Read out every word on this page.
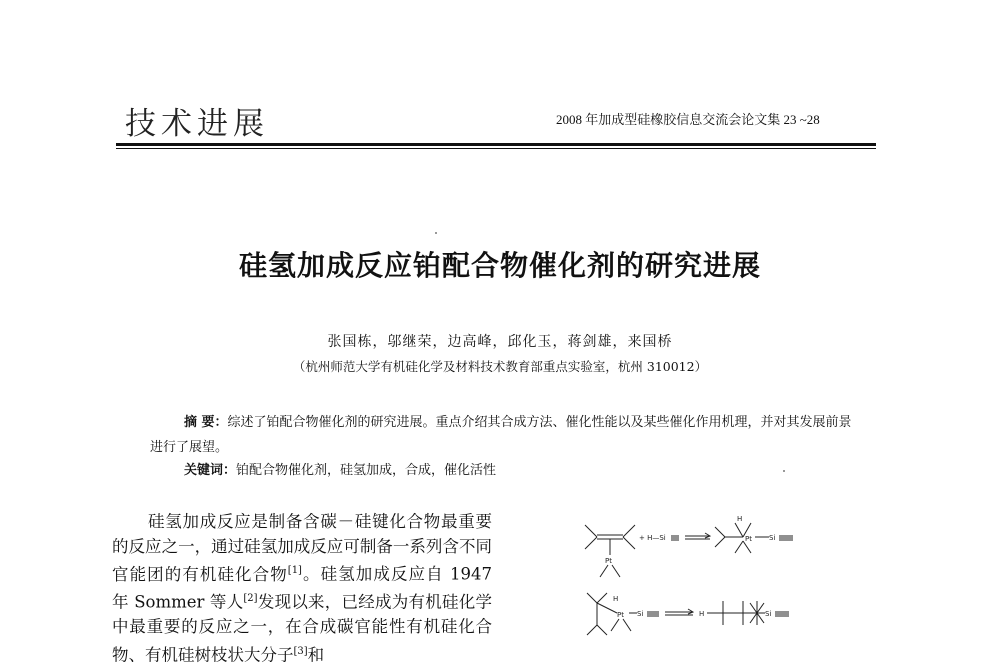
技术进展	2008 年加成型硅橡胶信息交流会论文集 23 ~28
硅氢加成反应铂配合物催化剂的研究进展
张国栋，邬继荣，边高峰，邱化玉，蒋剑雄，来国桥
（杭州师范大学有机硅化学及材料技术教育部重点实验室，杭州 310012）
摘 要：综述了铂配合物催化剂的研究进展。重点介绍其合成方法、催化性能以及某些催化作用机理，并对其发展前景进行了展望。
关键词：铂配合物催化剂，硅氢加成，合成，催化活性
硅氢加成反应是制备含碳－硅键化合物最重要的反应之一，通过硅氢加成反应可制备一系列含不同官能团的有机硅化合物[1]。硅氢加成反应自 1947 年 Sommer 等人[2]发现以来，已经成为有机硅化学中最重要的反应之一，在合成碳官能性有机硅化合物、有机硅树枝状大分子[3]和
Pt
+ H—Si
H
Pt Si
H
Pt Si	H	Si
